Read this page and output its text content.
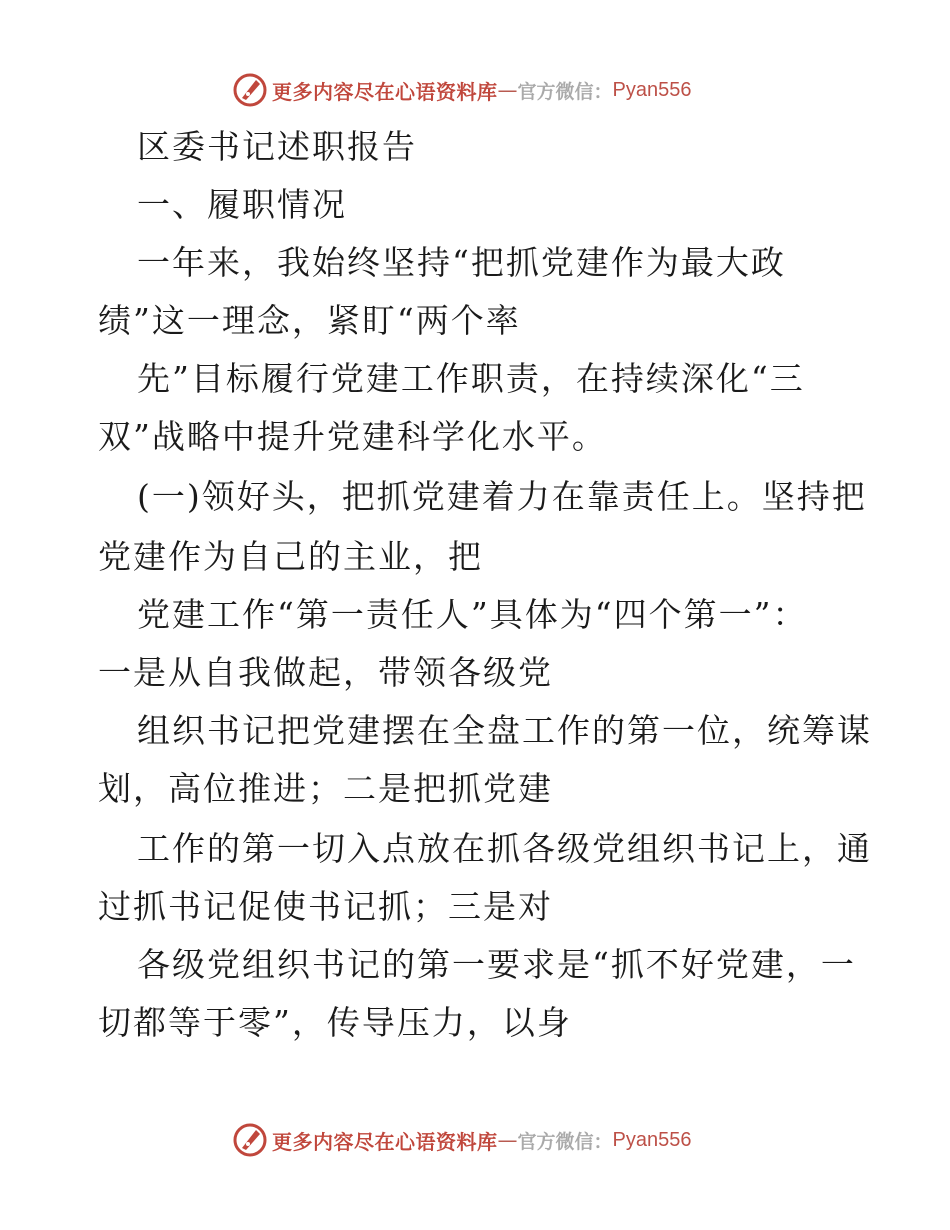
更多内容尽在心语资料库 — 官方微信： Pyan556
区委书记述职报告
一、履职情况
一年来，我始终坚持“把抓党建作为最大政
绩”这一理念，紧盯“两个率
先”目标履行党建工作职责，在持续深化“三
双”战略中提升党建科学化水平。
(一)领好头，把抓党建着力在靠责任上。坚持把
党建作为自己的主业，把
党建工作“第一责任人”具体为“四个第一”：
一是从自我做起，带领各级党
组织书记把党建摆在全盘工作的第一位，统筹谋
划，高位推进；二是把抓党建
工作的第一切入点放在抓各级党组织书记上，通
过抓书记促使书记抓；三是对
各级党组织书记的第一要求是“抓不好党建，一
切都等于零”，传导压力，以身
更多内容尽在心语资料库 — 官方微信： Pyan556
